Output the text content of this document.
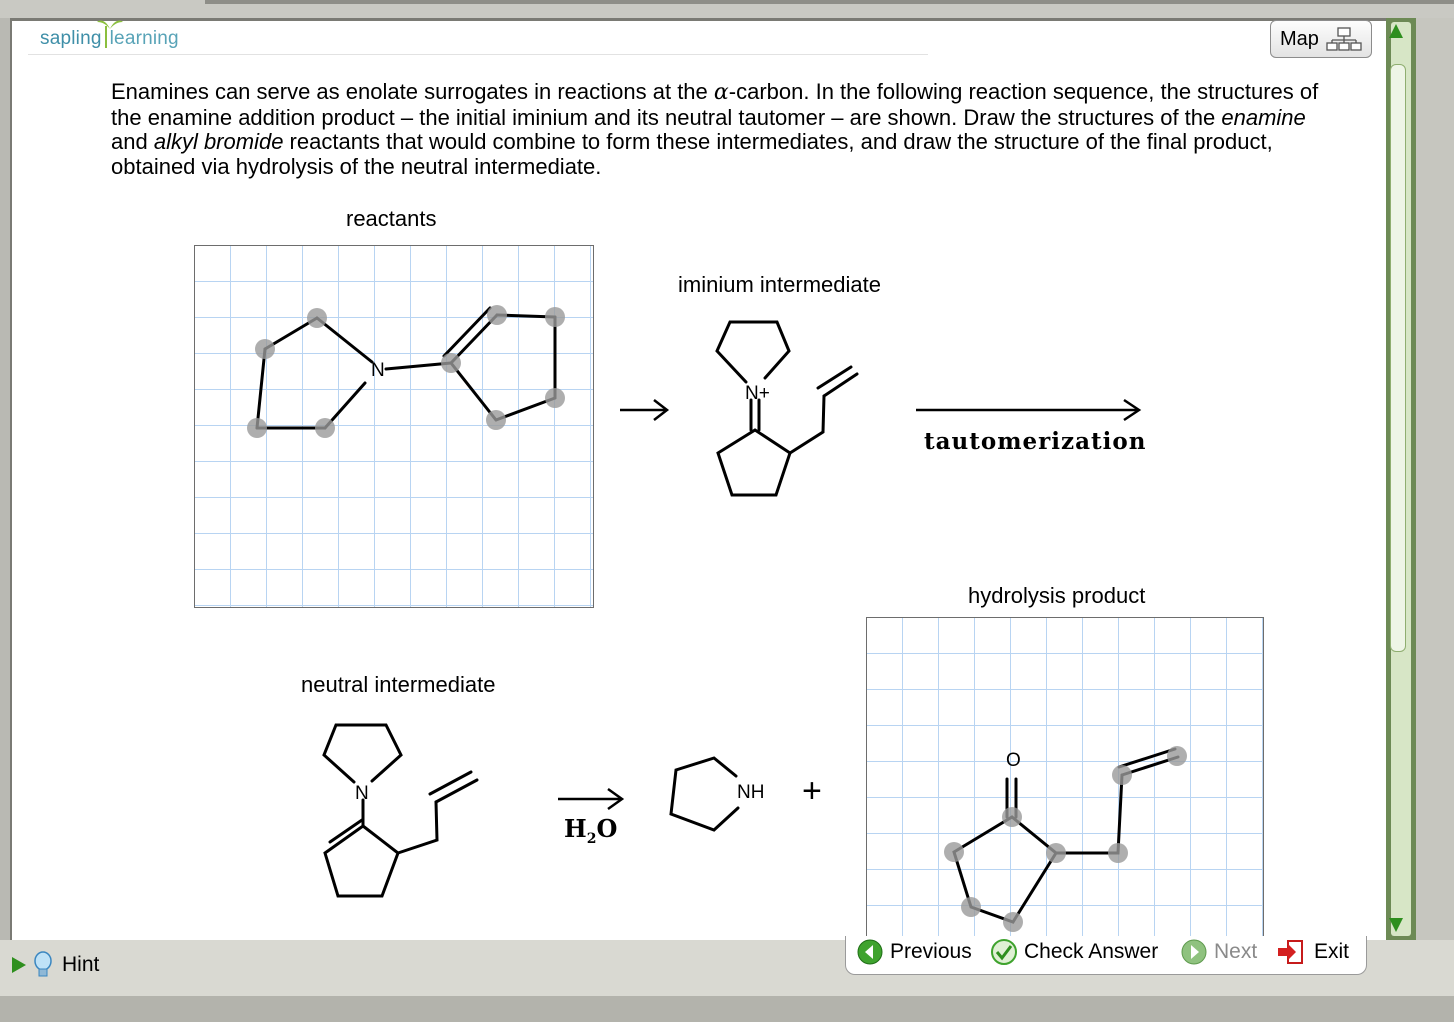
sapling learning	Map
Enamines can serve as enolate surrogates in reactions at the α-carbon. In the following reaction sequence, the structures of the enamine addition product – the initial iminium and its neutral tautomer – are shown. Draw the structures of the enamine and alkyl bromide reactants that would combine to form these intermediates, and draw the structure of the final product, obtained via hydrolysis of the neutral intermediate.
reactants
iminium intermediate
tautomerization
hydrolysis product
neutral intermediate
$H_2O$
+
N
N+
O
N	NH
Hint
Previous Check Answer	Next	Exit
